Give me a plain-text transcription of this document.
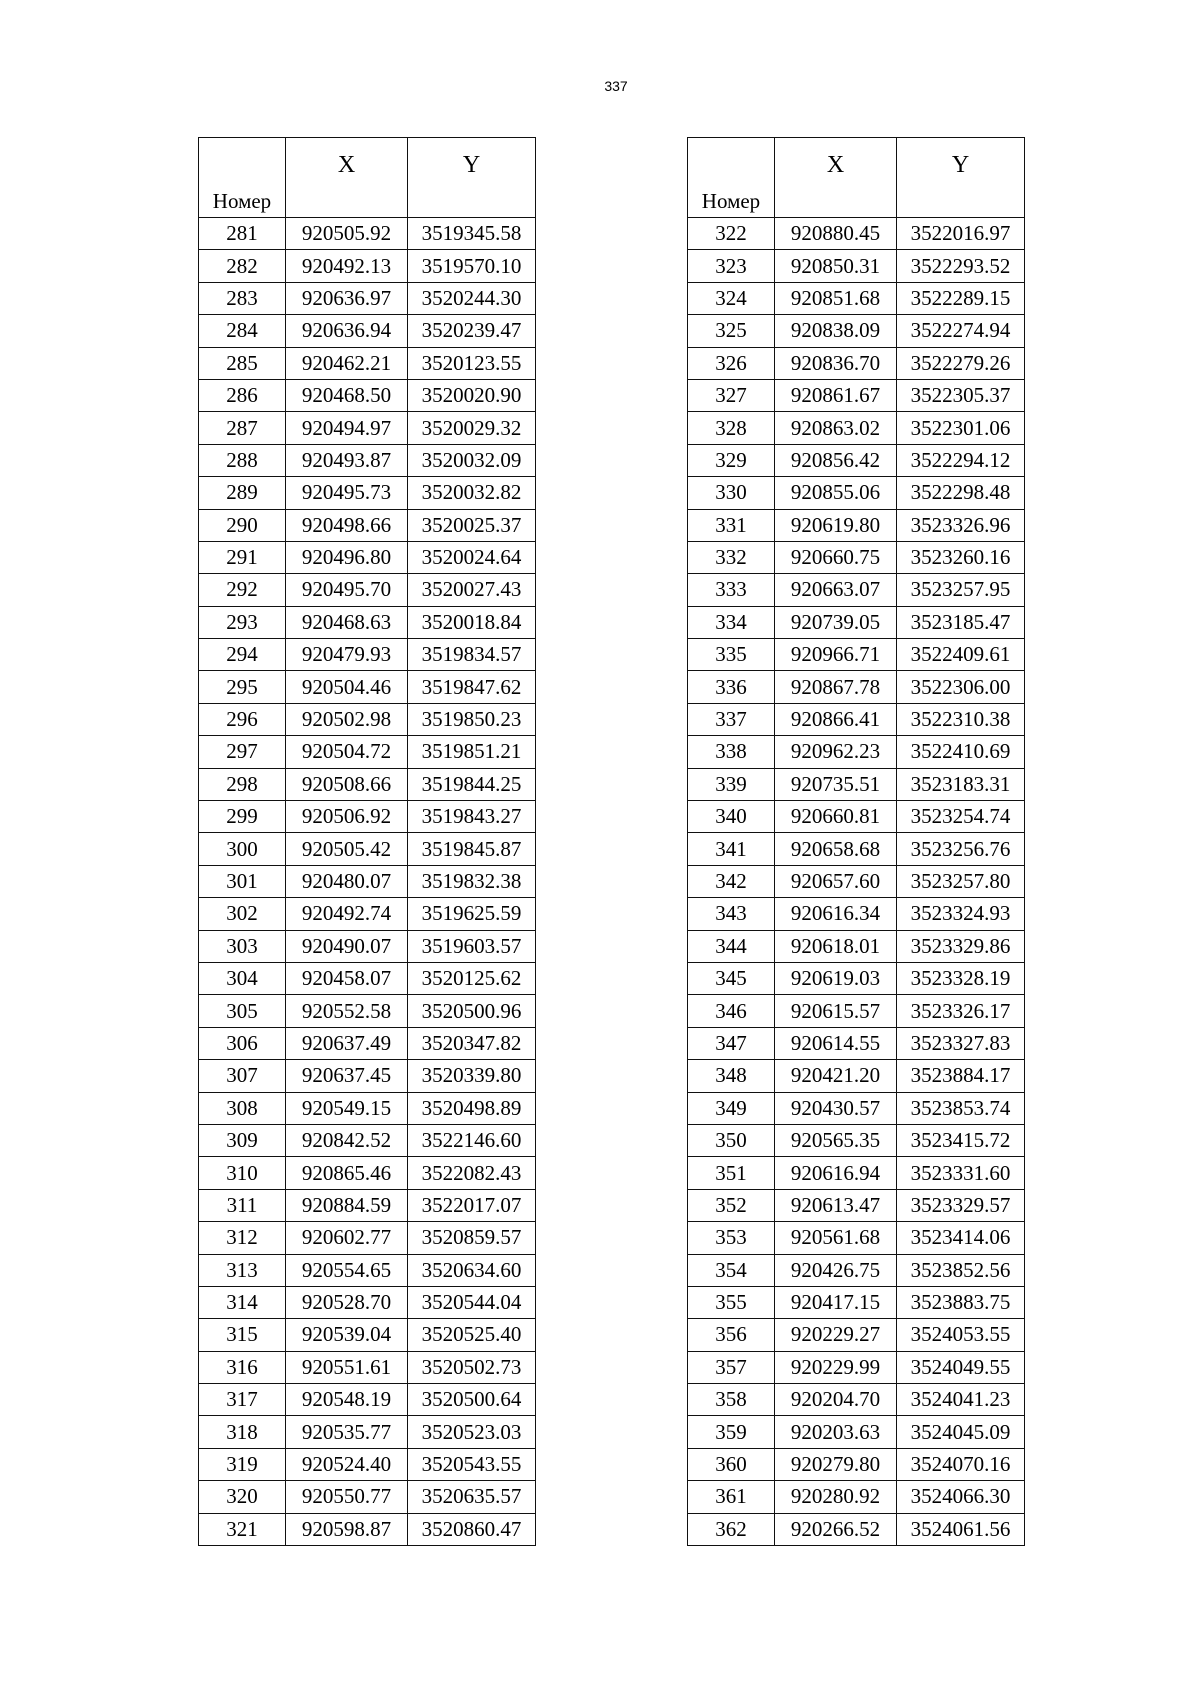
337
Номер	X	Y
281	920505.92	3519345.58
282	920492.13	3519570.10
283	920636.97	3520244.30
284	920636.94	3520239.47
285	920462.21	3520123.55
286	920468.50	3520020.90
287	920494.97	3520029.32
288	920493.87	3520032.09
289	920495.73	3520032.82
290	920498.66	3520025.37
291	920496.80	3520024.64
292	920495.70	3520027.43
293	920468.63	3520018.84
294	920479.93	3519834.57
295	920504.46	3519847.62
296	920502.98	3519850.23
297	920504.72	3519851.21
298	920508.66	3519844.25
299	920506.92	3519843.27
300	920505.42	3519845.87
301	920480.07	3519832.38
302	920492.74	3519625.59
303	920490.07	3519603.57
304	920458.07	3520125.62
305	920552.58	3520500.96
306	920637.49	3520347.82
307	920637.45	3520339.80
308	920549.15	3520498.89
309	920842.52	3522146.60
310	920865.46	3522082.43
311	920884.59	3522017.07
312	920602.77	3520859.57
313	920554.65	3520634.60
314	920528.70	3520544.04
315	920539.04	3520525.40
316	920551.61	3520502.73
317	920548.19	3520500.64
318	920535.77	3520523.03
319	920524.40	3520543.55
320	920550.77	3520635.57
321	920598.87	3520860.47
Номер	X	Y
322	920880.45	3522016.97
323	920850.31	3522293.52
324	920851.68	3522289.15
325	920838.09	3522274.94
326	920836.70	3522279.26
327	920861.67	3522305.37
328	920863.02	3522301.06
329	920856.42	3522294.12
330	920855.06	3522298.48
331	920619.80	3523326.96
332	920660.75	3523260.16
333	920663.07	3523257.95
334	920739.05	3523185.47
335	920966.71	3522409.61
336	920867.78	3522306.00
337	920866.41	3522310.38
338	920962.23	3522410.69
339	920735.51	3523183.31
340	920660.81	3523254.74
341	920658.68	3523256.76
342	920657.60	3523257.80
343	920616.34	3523324.93
344	920618.01	3523329.86
345	920619.03	3523328.19
346	920615.57	3523326.17
347	920614.55	3523327.83
348	920421.20	3523884.17
349	920430.57	3523853.74
350	920565.35	3523415.72
351	920616.94	3523331.60
352	920613.47	3523329.57
353	920561.68	3523414.06
354	920426.75	3523852.56
355	920417.15	3523883.75
356	920229.27	3524053.55
357	920229.99	3524049.55
358	920204.70	3524041.23
359	920203.63	3524045.09
360	920279.80	3524070.16
361	920280.92	3524066.30
362	920266.52	3524061.56
